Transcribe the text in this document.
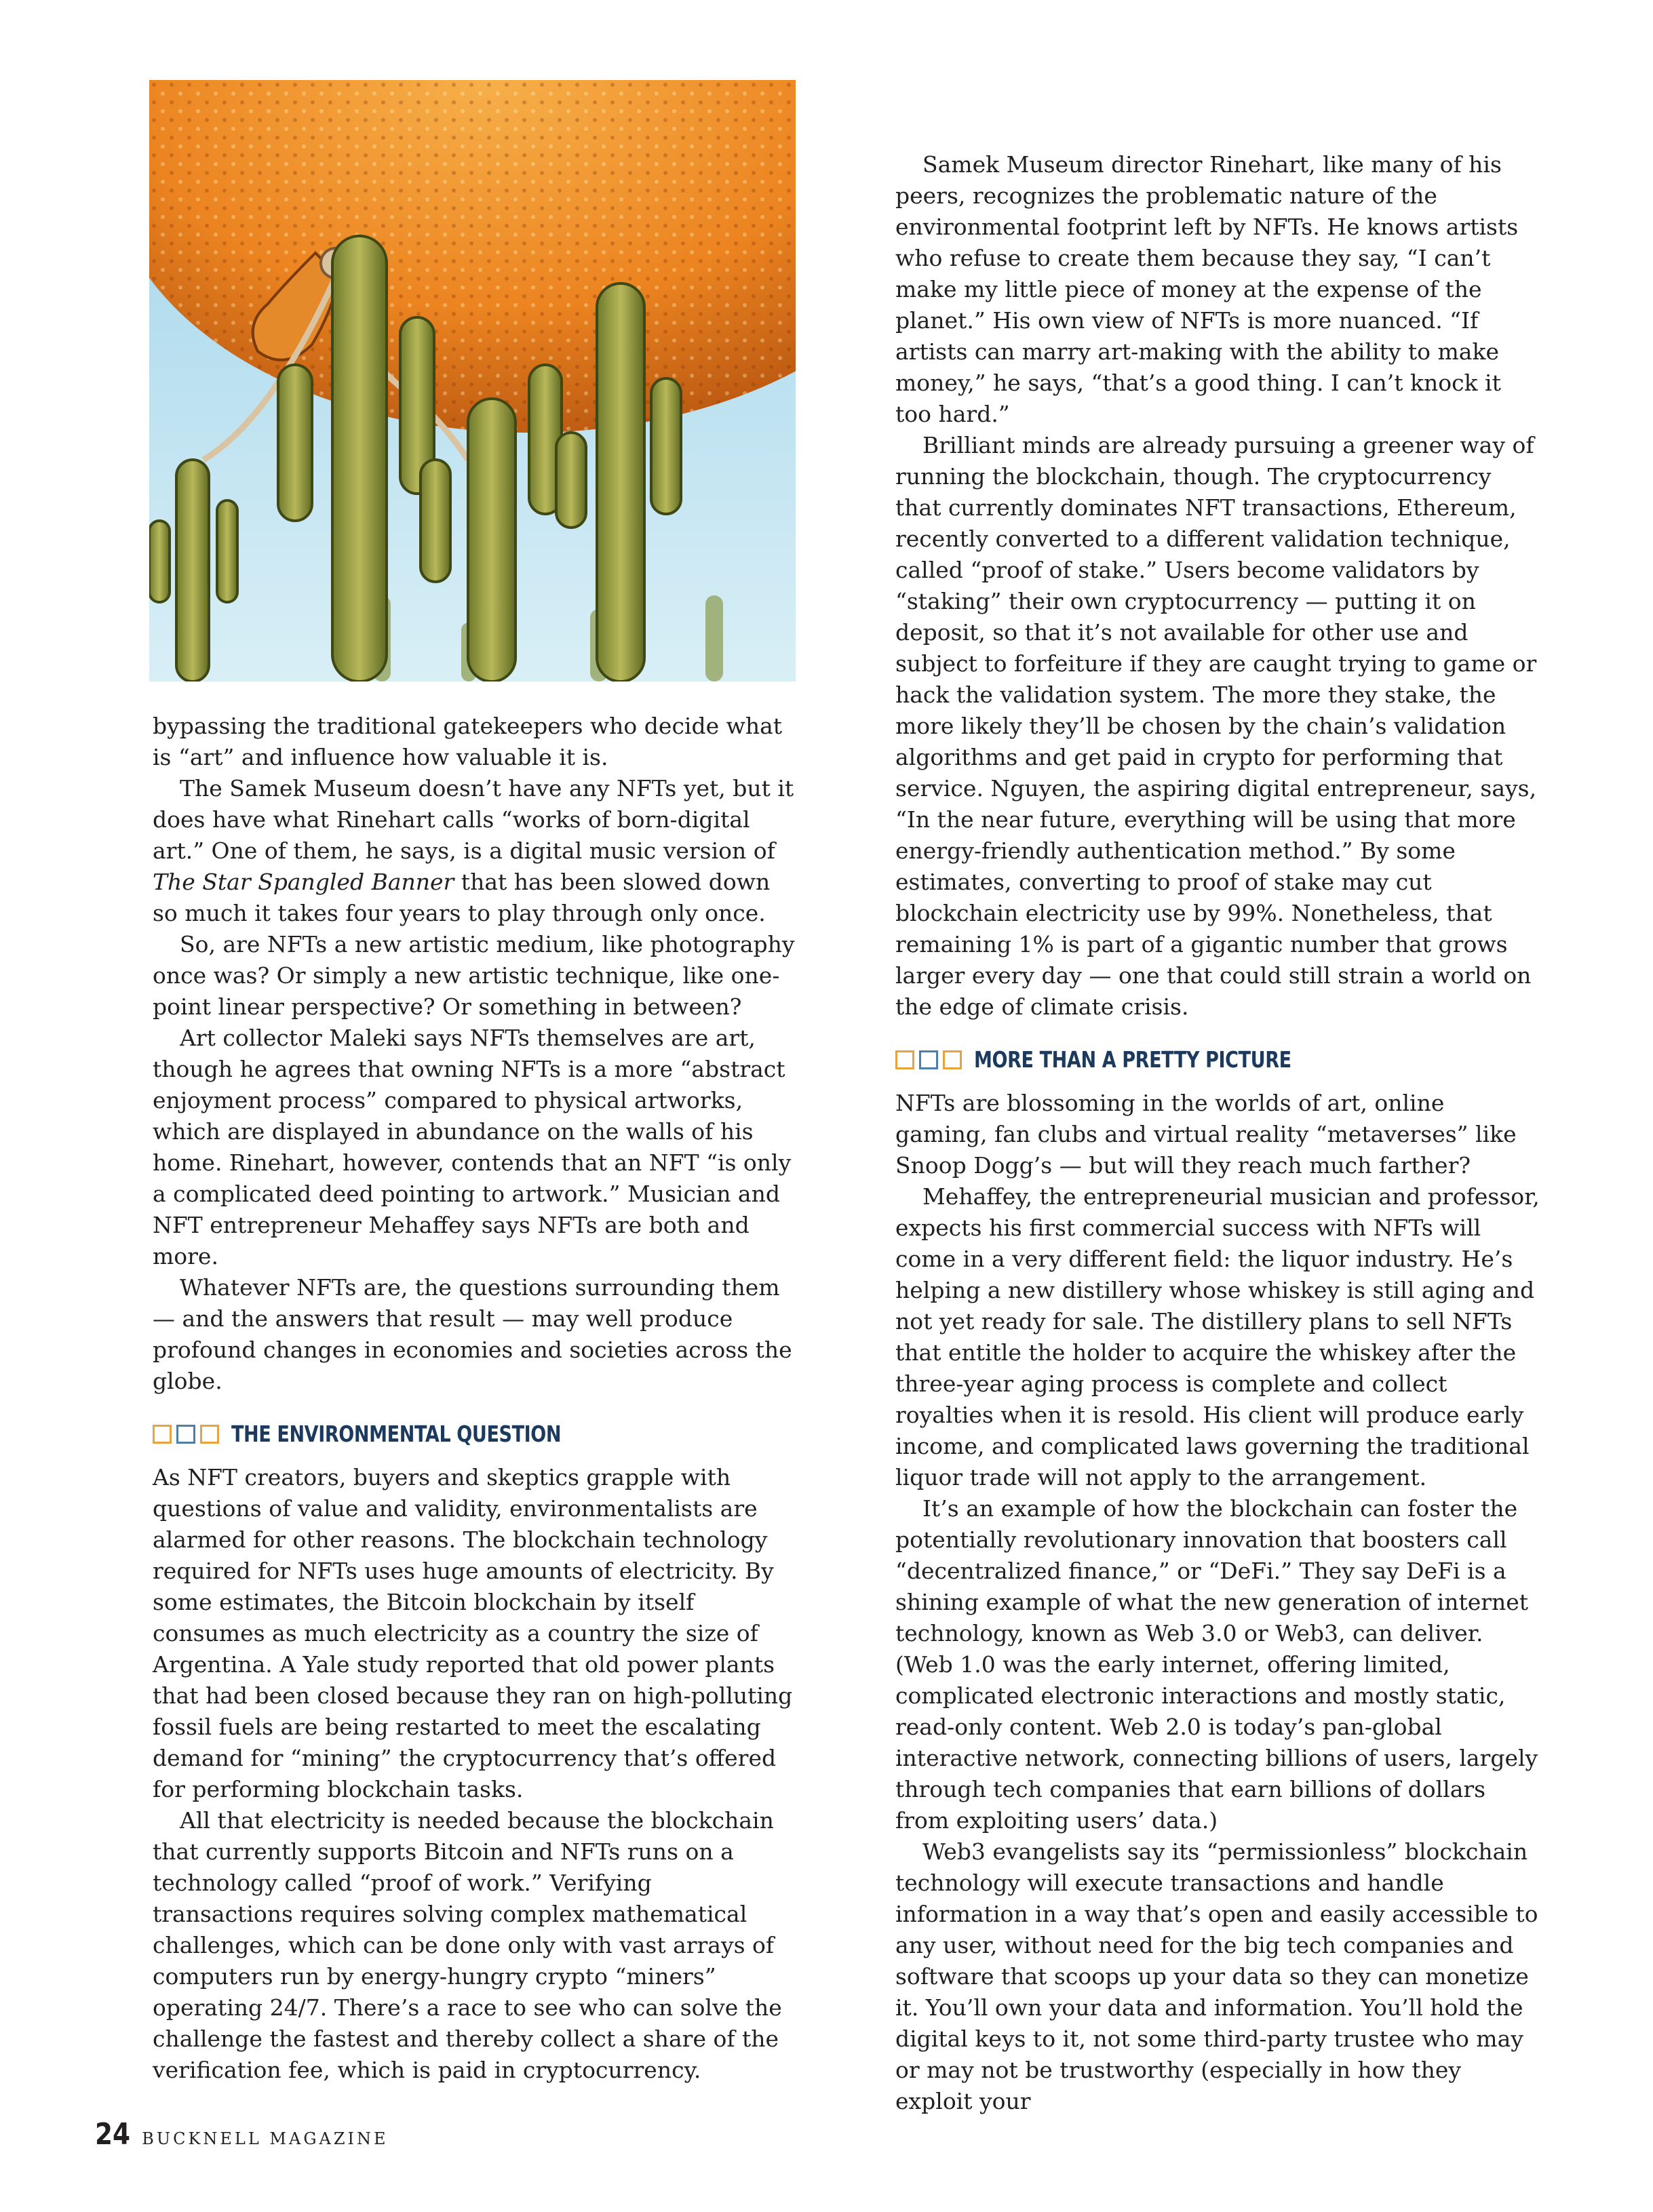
bypassing the traditional gatekeepers who decide what is “art” and influence how valuable it is.

The Samek Museum doesn’t have any NFTs yet, but it does have what Rinehart calls “works of born-digital art.” One of them, he says, is a digital music version of The Star Spangled Banner that has been slowed down so much it takes four years to play through only once.

So, are NFTs a new artistic medium, like photography once was? Or simply a new artistic technique, like one-point linear perspective? Or something in between?

Art collector Maleki says NFTs themselves are art, though he agrees that owning NFTs is a more “abstract enjoyment process” compared to physical artworks, which are displayed in abundance on the walls of his home. Rinehart, however, contends that an NFT “is only a complicated deed pointing to artwork.” Musician and NFT entrepreneur Mehaffey says NFTs are both and more.

Whatever NFTs are, the questions surrounding them — and the answers that result — may well produce profound changes in economies and societies across the globe.

THE ENVIRONMENTAL QUESTION

As NFT creators, buyers and skeptics grapple with questions of value and validity, environmentalists are alarmed for other reasons. The blockchain technology required for NFTs uses huge amounts of electricity. By some estimates, the Bitcoin blockchain by itself consumes as much electricity as a country the size of Argentina. A Yale study reported that old power plants that had been closed because they ran on high-polluting fossil fuels are being restarted to meet the escalating demand for “mining” the cryptocurrency that’s offered for performing blockchain tasks.

All that electricity is needed because the blockchain that currently supports Bitcoin and NFTs runs on a technology called “proof of work.” Verifying transactions requires solving complex mathematical challenges, which can be done only with vast arrays of computers run by energy-hungry crypto “miners” operating 24/7. There’s a race to see who can solve the challenge the fastest and thereby collect a share of the verification fee, which is paid in cryptocurrency.

Samek Museum director Rinehart, like many of his peers, recognizes the problematic nature of the environmental footprint left by NFTs. He knows artists who refuse to create them because they say, “I can’t make my little piece of money at the expense of the planet.” His own view of NFTs is more nuanced. “If artists can marry art-making with the ability to make money,” he says, “that’s a good thing. I can’t knock it too hard.”

Brilliant minds are already pursuing a greener way of running the blockchain, though. The cryptocurrency that currently dominates NFT transactions, Ethereum, recently converted to a different validation technique, called “proof of stake.” Users become validators by “staking” their own cryptocurrency — putting it on deposit, so that it’s not available for other use and subject to forfeiture if they are caught trying to game or hack the validation system. The more they stake, the more likely they’ll be chosen by the chain’s validation algorithms and get paid in crypto for performing that service. Nguyen, the aspiring digital entrepreneur, says, “In the near future, everything will be using that more energy-friendly authentication method.” By some estimates, converting to proof of stake may cut blockchain electricity use by 99%. Nonetheless, that remaining 1% is part of a gigantic number that grows larger every day — one that could still strain a world on the edge of climate crisis.

MORE THAN A PRETTY PICTURE

NFTs are blossoming in the worlds of art, online gaming, fan clubs and virtual reality “metaverses” like Snoop Dogg’s — but will they reach much farther?

Mehaffey, the entrepreneurial musician and professor, expects his first commercial success with NFTs will come in a very different field: the liquor industry. He’s helping a new distillery whose whiskey is still aging and not yet ready for sale. The distillery plans to sell NFTs that entitle the holder to acquire the whiskey after the three-year aging process is complete and collect royalties when it is resold. His client will produce early income, and complicated laws governing the traditional liquor trade will not apply to the arrangement.

It’s an example of how the blockchain can foster the potentially revolutionary innovation that boosters call “decentralized finance,” or “DeFi.” They say DeFi is a shining example of what the new generation of internet technology, known as Web 3.0 or Web3, can deliver. (Web 1.0 was the early internet, offering limited, complicated electronic interactions and mostly static, read-only content. Web 2.0 is today’s pan-global interactive network, connecting billions of users, largely through tech companies that earn billions of dollars from exploiting users’ data.)

Web3 evangelists say its “permissionless” blockchain technology will execute transactions and handle information in a way that’s open and easily accessible to any user, without need for the big tech companies and software that scoops up your data so they can monetize it. You’ll own your data and information. You’ll hold the digital keys to it, not some third-party trustee who may or may not be trustworthy (especially in how they exploit your

24 BUCKNELL MAGAZINE
